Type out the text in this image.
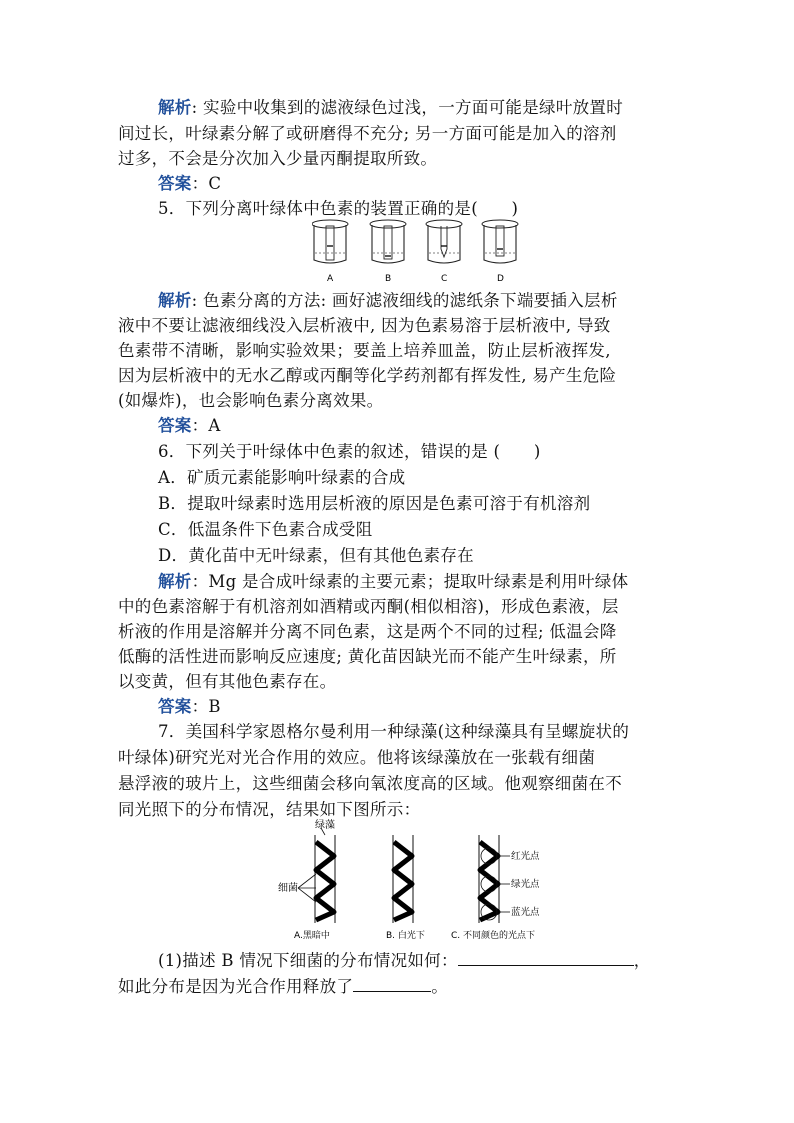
解析: 实验中收集到的滤液绿色过浅，一方面可能是绿叶放置时
间过长，叶绿素分解了或研磨得不充分; 另一方面可能是加入的溶剂
过多，不会是分次加入少量丙酮提取所致。
答案：C
5．下列分离叶绿体中色素的装置正确的是(　　)
A	B	C	D
解析: 色素分离的方法: 画好滤液细线的滤纸条下端要插入层析
液中不要让滤液细线没入层析液中, 因为色素易溶于层析液中, 导致
色素带不清晰，影响实验效果；要盖上培养皿盖，防止层析液挥发,
因为层析液中的无水乙醇或丙酮等化学药剂都有挥发性, 易产生危险
(如爆炸)，也会影响色素分离效果。
答案：A
6．下列关于叶绿体中色素的叙述，错误的是 (　　)
A．矿质元素能影响叶绿素的合成
B．提取叶绿素时选用层析液的原因是色素可溶于有机溶剂
C．低温条件下色素合成受阻
D．黄化苗中无叶绿素，但有其他色素存在
解析：Mg 是合成叶绿素的主要元素；提取叶绿素是利用叶绿体
中的色素溶解于有机溶剂如酒精或丙酮(相似相溶)，形成色素液，层
析液的作用是溶解并分离不同色素，这是两个不同的过程; 低温会降
低酶的活性进而影响反应速度; 黄化苗因缺光而不能产生叶绿素，所
以变黄，但有其他色素存在。
答案：B
7．美国科学家恩格尔曼利用一种绿藻(这种绿藻具有呈螺旋状的
叶绿体)研究光对光合作用的效应。他将该绿藻放在一张载有细菌
悬浮液的玻片上，这些细菌会移向氧浓度高的区域。他观察细菌在不
同光照下的分布情况，结果如下图所示：
绿藻
细菌
红光点
绿光点
蓝光点
A.黑暗中	B. 白光下	C. 不同颜色的光点下
(1)描述 B 情况下细菌的分布情况如何：	，
如此分布是因为光合作用释放了	。
